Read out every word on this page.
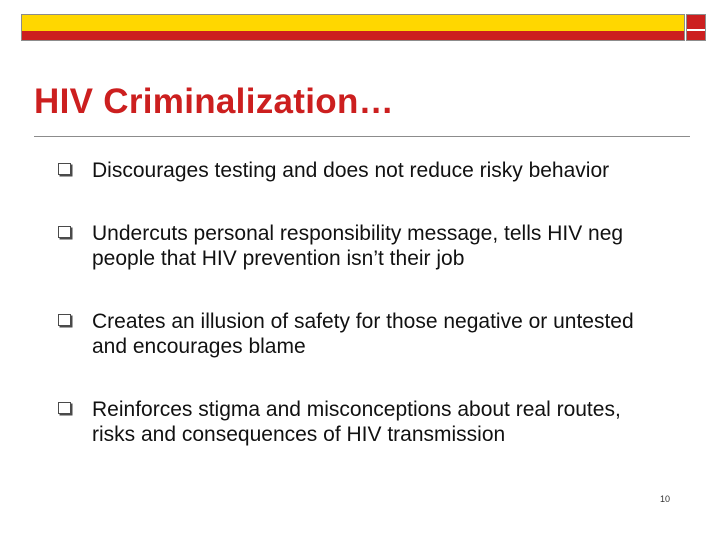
HIV Criminalization…
Discourages testing and does not reduce risky behavior
Undercuts personal responsibility message, tells HIV neg people that HIV prevention isn’t their job
Creates an illusion of safety for those negative or untested and encourages blame
Reinforces stigma and misconceptions about real routes, risks and consequences of HIV transmission
10
